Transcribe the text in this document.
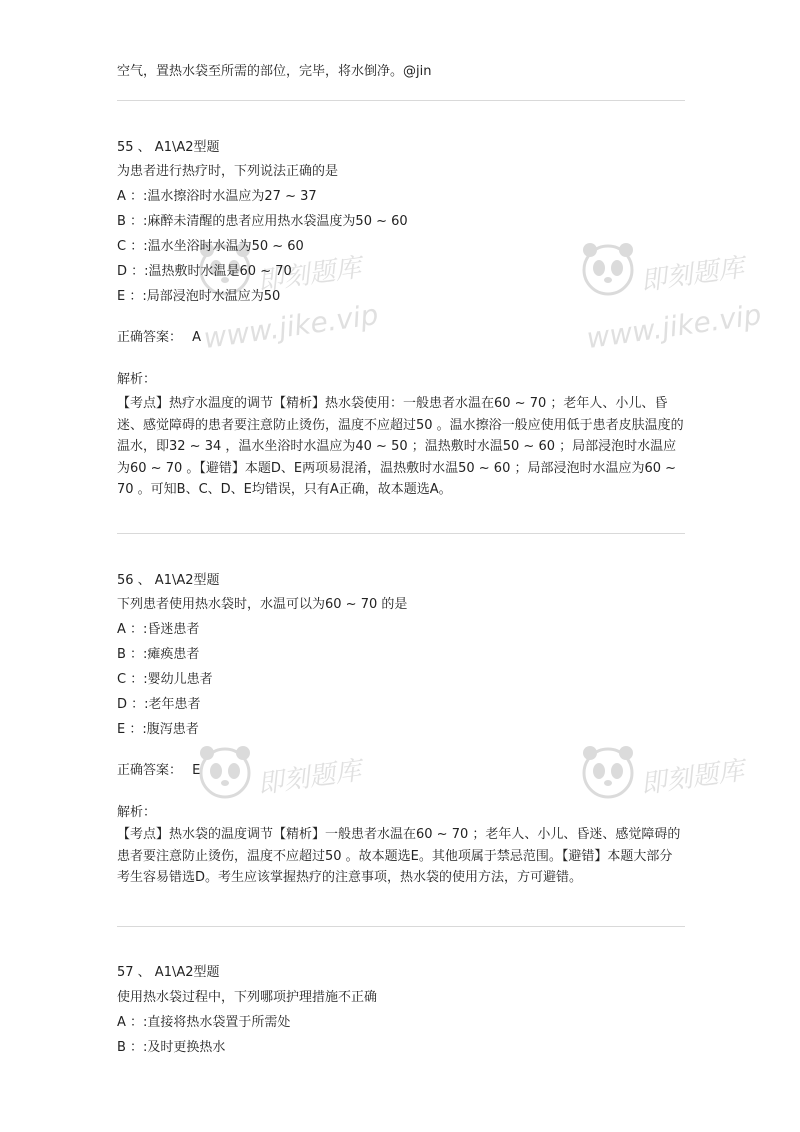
即刻题库
www.jike.vip
即刻题库
www.jike.vip
即刻题库	即刻题库
空气，置热水袋至所需的部位，完毕，将水倒净。@jin
55 、 A1\A2型题
为患者进行热疗时，下列说法正确的是
A ：:温水擦浴时水温应为27 ~ 37
B ：:麻醉未清醒的患者应用热水袋温度为50 ~ 60
C ：:温水坐浴时水温为50 ~ 60
D ：:温热敷时水温是60 ~ 70
E ：:局部浸泡时水温应为50
正确答案： A
解析：
【考点】热疗水温度的调节【精析】热水袋使用：一般患者水温在60 ~ 70 ；老年人、小儿、昏迷、感觉障碍的患者要注意防止烫伤，温度不应超过50 。温水擦浴一般应使用低于患者皮肤温度的温水，即32 ~ 34 ，温水坐浴时水温应为40 ~ 50 ；温热敷时水温50 ~ 60 ；局部浸泡时水温应为60 ~ 70 。【避错】本题D、E两项易混淆，温热敷时水温50 ~ 60 ；局部浸泡时水温应为60 ~ 70 。可知B、C、D、E均错误，只有A正确，故本题选A。
56 、 A1\A2型题
下列患者使用热水袋时，水温可以为60 ~ 70 的是
A ：:昏迷患者
B ：:瘫痪患者
C ：:婴幼儿患者
D ：:老年患者
E ：:腹泻患者
正确答案： E
解析：
【考点】热水袋的温度调节【精析】一般患者水温在60 ~ 70 ；老年人、小儿、昏迷、感觉障碍的患者要注意防止烫伤，温度不应超过50 。故本题选E。其他项属于禁忌范围。【避错】本题大部分考生容易错选D。考生应该掌握热疗的注意事项，热水袋的使用方法，方可避错。
57 、 A1\A2型题
使用热水袋过程中，下列哪项护理措施不正确
A ：:直接将热水袋置于所需处
B ：:及时更换热水
